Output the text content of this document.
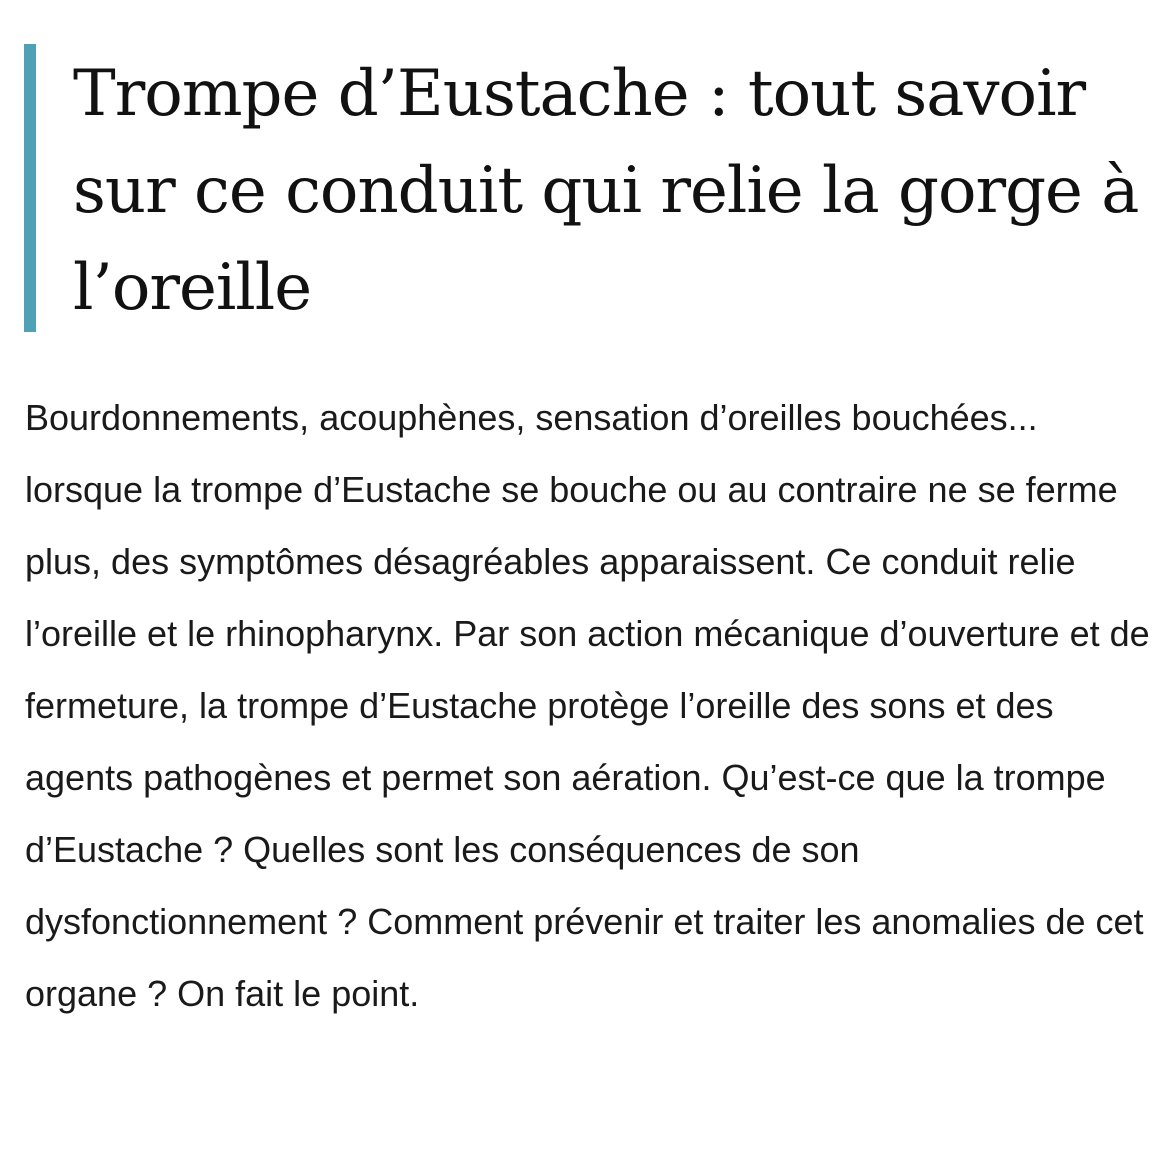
Trompe d’Eustache : tout savoir sur ce conduit qui relie la gorge à l’oreille

Bourdonnements, acouphènes, sensation d’oreilles bouchées... lorsque la trompe d’Eustache se bouche ou au contraire ne se ferme plus, des symptômes désagréables apparaissent. Ce conduit relie l’oreille et le rhinopharynx. Par son action mécanique d’ouverture et de fermeture, la trompe d’Eustache protège l’oreille des sons et des agents pathogènes et permet son aération. Qu’est-ce que la trompe d’Eustache ? Quelles sont les conséquences de son dysfonctionnement ? Comment prévenir et traiter les anomalies de cet organe ? On fait le point.
